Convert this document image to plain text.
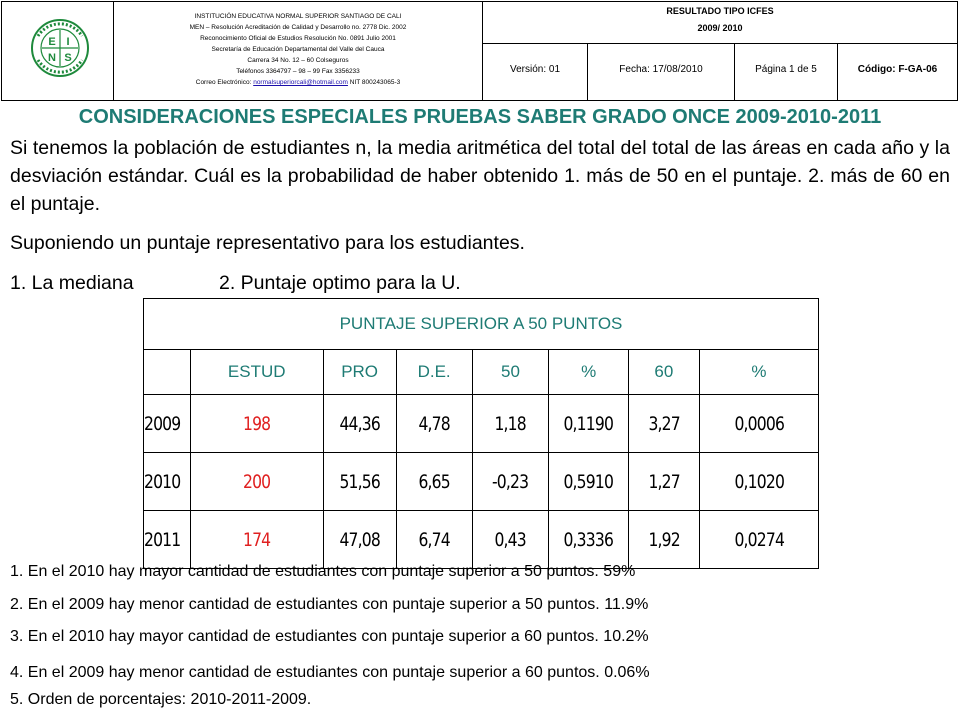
E I
N S
INSTITUCIÓN EDUCATIVA NORMAL SUPERIOR SANTIAGO DE CALI
MEN – Resolución Acreditación de Calidad y Desarrollo no. 2778 Dic. 2002
Reconocimiento Oficial de Estudios Resolución No. 0891 Julio 2001
Secretaría de Educación Departamental del Valle del Cauca
Carrera 34 No. 12 – 60 Colseguros
Teléfonos 3364797 – 98 – 99 Fax 3356233
Correo Electrónico: normalsuperiorcali@hotmail.com NIT 800243065-3
RESULTADO TIPO ICFES
2009/ 2010
Versión: 01	Fecha: 17/08/2010	Página 1 de 5	Código: F-GA-06
CONSIDERACIONES ESPECIALES PRUEBAS SABER GRADO ONCE 2009-2010-2011
Si tenemos la población de estudiantes n, la media aritmética del total del total de las áreas en cada año y la desviación estándar. Cuál es la probabilidad de haber obtenido 1. más de 50 en el puntaje. 2. más de 60 en el puntaje.
Suponiendo un puntaje representativo para los estudiantes.
1. La mediana	2. Puntaje optimo para la U.
PUNTAJE SUPERIOR A 50 PUNTOS							
	ESTUD	PRO	D.E.	50	%	60	%
2009	198	44,36	4,78	1,18	0,1190	3,27	0,0006
2010	200	51,56	6,65	-0,23	0,5910	1,27	0,1020
2011	174	47,08	6,74	0,43	0,3336	1,92	0,0274
1. En el 2010 hay mayor cantidad de estudiantes con puntaje superior a 50 puntos. 59%
2. En el 2009 hay menor cantidad de estudiantes con puntaje superior a 50 puntos. 11.9%
3. En el 2010 hay mayor cantidad de estudiantes con puntaje superior a 60 puntos. 10.2%
4. En el 2009 hay menor cantidad de estudiantes con puntaje superior a 60 puntos. 0.06%
5. Orden de porcentajes: 2010-2011-2009.
